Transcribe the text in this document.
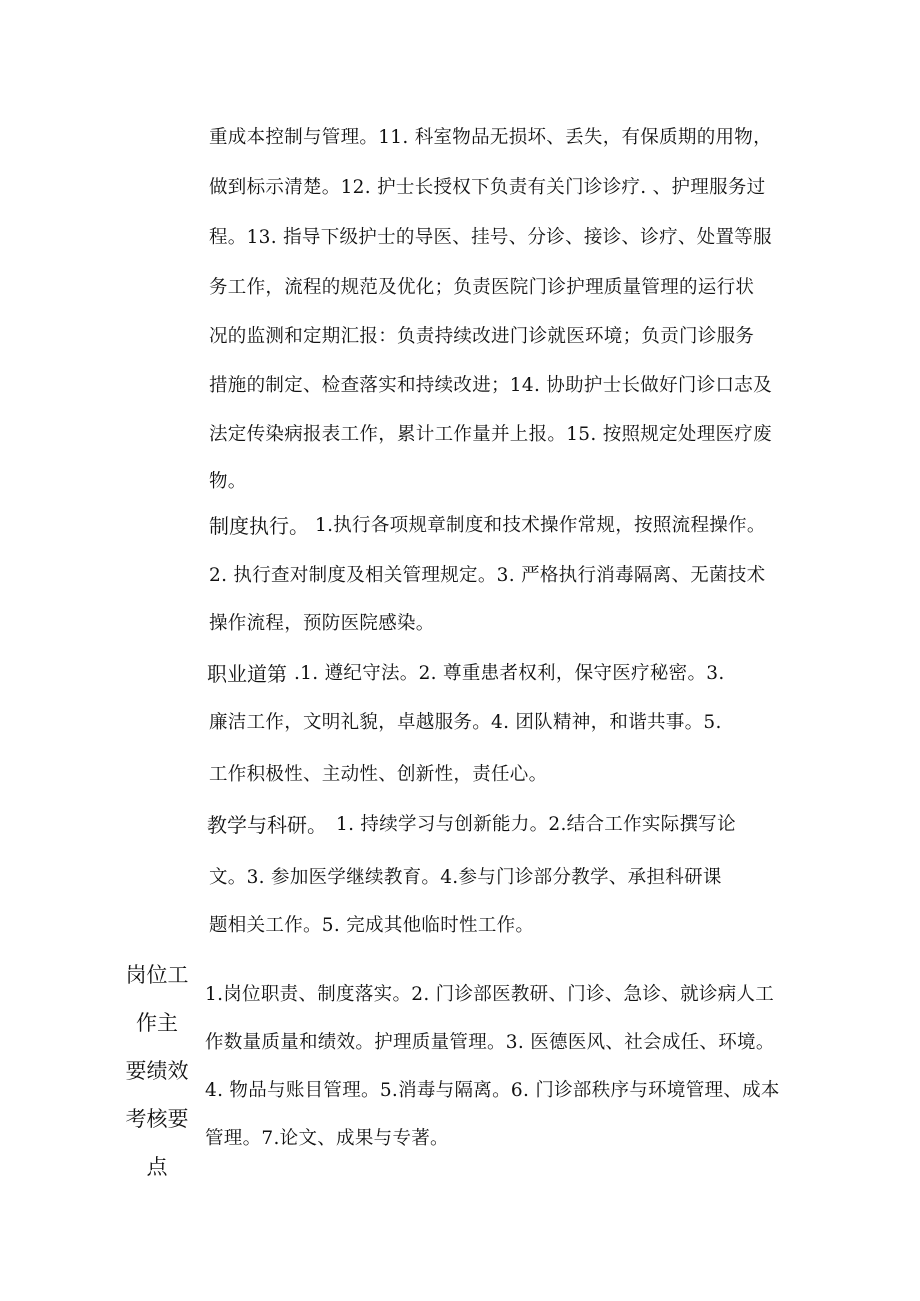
重成本控制与管理。11. 科室物品无损坏、丢失，有保质期的用物，
做到标示清楚。12. 护士长授权下负责有关门诊诊疗. 、护理服务过
程。13. 指导下级护士的导医、挂号、分诊、接诊、诊疗、处置等服
务工作，流程的规范及优化；负责医院门诊护理质量管理的运行状
况的监测和定期汇报：负责持续改进门诊就医环境；负贡门诊服务
措施的制定、检查落实和持续改进；14. 协助护士长做好门诊口志及
法定传染病报表工作，累计工作量并上报。15. 按照规定处理医疗废
物。
制度执行。 1.执行各项规章制度和技术操作常规，按照流程操作。
2. 执行查对制度及相关管理规定。3. 严格执行消毒隔离、无菌技术
操作流程，预防医院感染。
职业道第 .1. 遵纪守法。2. 尊重患者权利，保守医疗秘密。3.
廉洁工作，文明礼貌，卓越服务。4. 团队精神，和谐共事。5.
工作积极性、主动性、创新性，责任心。
教学与科研。 1. 持续学习与创新能力。2.结合工作实际撰写论
文。3. 参加医学继续教育。4.参与门诊部分教学、承担科研课
题相关工作。5. 完成其他临时性工作。
岗位工
作主
要绩效
考核要
点
1.岗位职责、制度落实。2. 门诊部医教研、门诊、急诊、就诊病人工
作数量质量和绩效。护理质量管理。3. 医德医风、社会成任、环境。
4. 物品与账目管理。5.消毒与隔离。6. 门诊部秩序与环境管理、成本
管理。7.论文、成果与专著。
